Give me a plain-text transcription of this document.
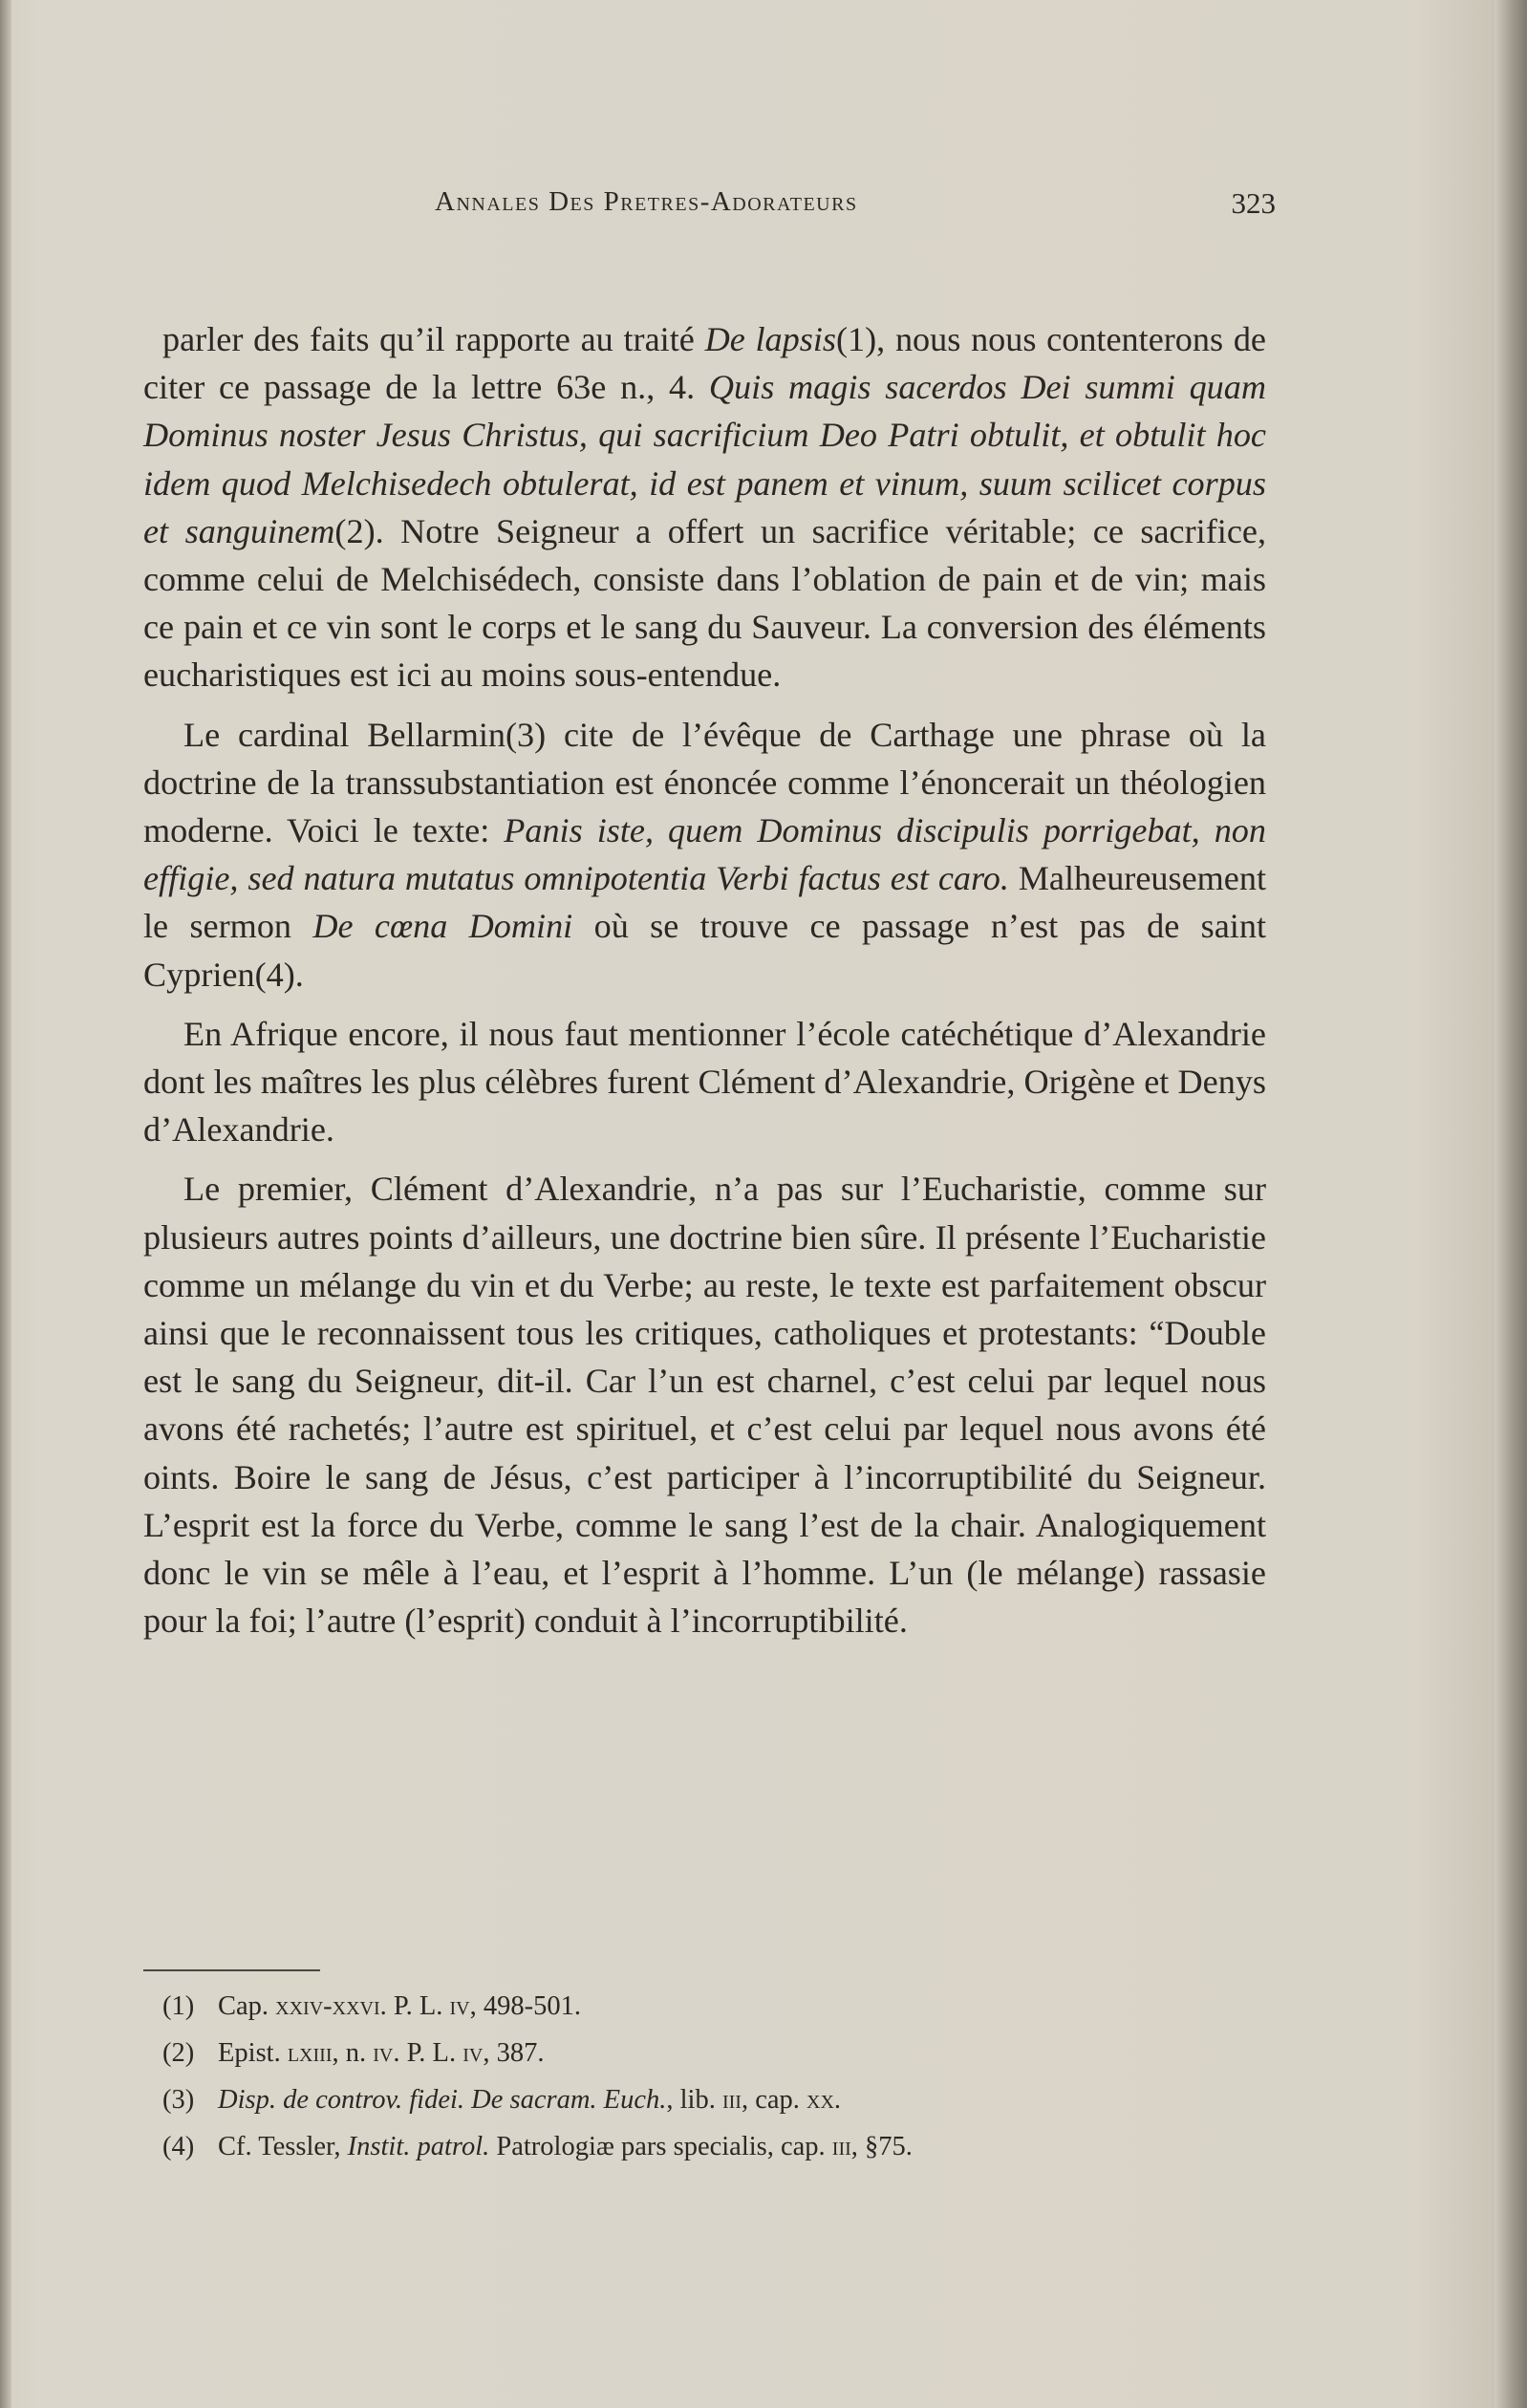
Annales Des Pretres-Adorateurs	323

parler des faits qu’il rapporte au traité De lapsis(1), nous nous contenterons de citer ce passage de la lettre 63e n., 4. Quis magis sacerdos Dei summi quam Dominus noster Jesus Christus, qui sacrificium Deo Patri obtulit, et obtulit hoc idem quod Melchisedech obtulerat, id est panem et vinum, suum scilicet corpus et sanguinem(2). Notre Seigneur a offert un sacrifice véritable; ce sacrifice, comme celui de Melchisédech, consiste dans l’oblation de pain et de vin; mais ce pain et ce vin sont le corps et le sang du Sauveur. La conversion des éléments eucharistiques est ici au moins sous-entendue.

Le cardinal Bellarmin(3) cite de l’évêque de Carthage une phrase où la doctrine de la transsubstantiation est énoncée comme l’énoncerait un théologien moderne. Voici le texte: Panis iste, quem Dominus discipulis porrigebat, non effigie, sed natura mutatus omnipotentia Verbi factus est caro. Malheureusement le sermon De cœna Domini où se trouve ce passage n’est pas de saint Cyprien(4).

En Afrique encore, il nous faut mentionner l’école catéchétique d’Alexandrie dont les maîtres les plus célèbres furent Clément d’Alexandrie, Origène et Denys d’Alexandrie.

Le premier, Clément d’Alexandrie, n’a pas sur l’Eucharistie, comme sur plusieurs autres points d’ailleurs, une doctrine bien sûre. Il présente l’Eucharistie comme un mélange du vin et du Verbe; au reste, le texte est parfaitement obscur ainsi que le reconnaissent tous les critiques, catholiques et protestants: “Double est le sang du Seigneur, dit-il. Car l’un est charnel, c’est celui par lequel nous avons été rachetés; l’autre est spirituel, et c’est celui par lequel nous avons été oints. Boire le sang de Jésus, c’est participer à l’incorruptibilité du Seigneur. L’esprit est la force du Verbe, comme le sang l’est de la chair. Analogiquement donc le vin se mêle à l’eau, et l’esprit à l’homme. L’un (le mélange) rassasie pour la foi; l’autre (l’esprit) conduit à l’incorruptibilité.

(1) Cap. xxiv-xxvi. P. L. iv, 498-501.

(2) Epist. lxiii, n. iv. P. L. iv, 387.

(3) Disp. de controv. fidei. De sacram. Euch., lib. iii, cap. xx.

(4) Cf. Tessler, Instit. patrol. Patrologiæ pars specialis, cap. iii, §75.
